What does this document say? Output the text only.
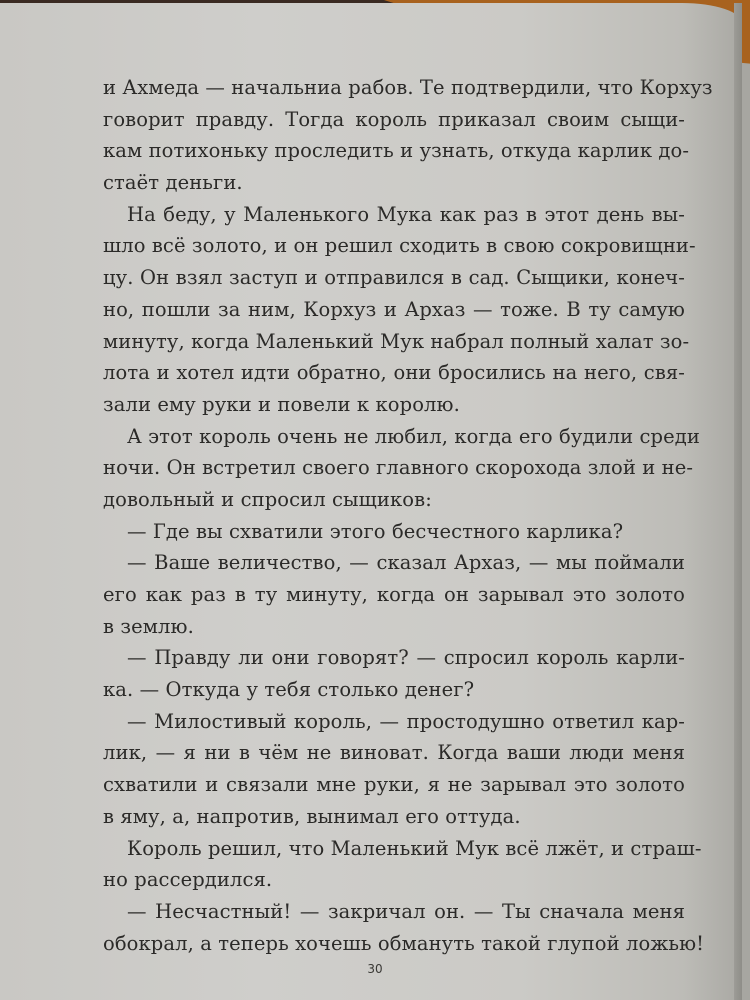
и Ахмеда — начальниа рабов. Те подтвердили, что Корхуз
говорит правду. Тогда король приказал своим сыщи-
кам потихоньку проследить и узнать, откуда карлик до-
стаёт деньги.
На беду, у Маленького Мука как раз в этот день вы-
шло всё золото, и он решил сходить в свою сокровищни-
цу. Он взял заступ и отправился в сад. Сыщики, конеч-
но, пошли за ним, Корхуз и Архаз — тоже. В ту самую
минуту, когда Маленький Мук набрал полный халат зо-
лота и хотел идти обратно, они бросились на него, свя-
зали ему руки и повели к королю.
А этот король очень не любил, когда его будили среди
ночи. Он встретил своего главного скорохода злой и не-
довольный и спросил сыщиков:
— Где вы схватили этого бесчестного карлика?
— Ваше величество, — сказал Архаз, — мы поймали
его как раз в ту минуту, когда он зарывал это золото
в землю.
— Правду ли они говорят? — спросил король карли-
ка. — Откуда у тебя столько денег?
— Милостивый король, — простодушно ответил кар-
лик, — я ни в чём не виноват. Когда ваши люди меня
схватили и связали мне руки, я не зарывал это золото
в яму, а, напротив, вынимал его оттуда.
Король решил, что Маленький Мук всё лжёт, и страш-
но рассердился.
— Несчастный! — закричал он. — Ты сначала меня
обокрал, а теперь хочешь обмануть такой глупой ложью!
30
